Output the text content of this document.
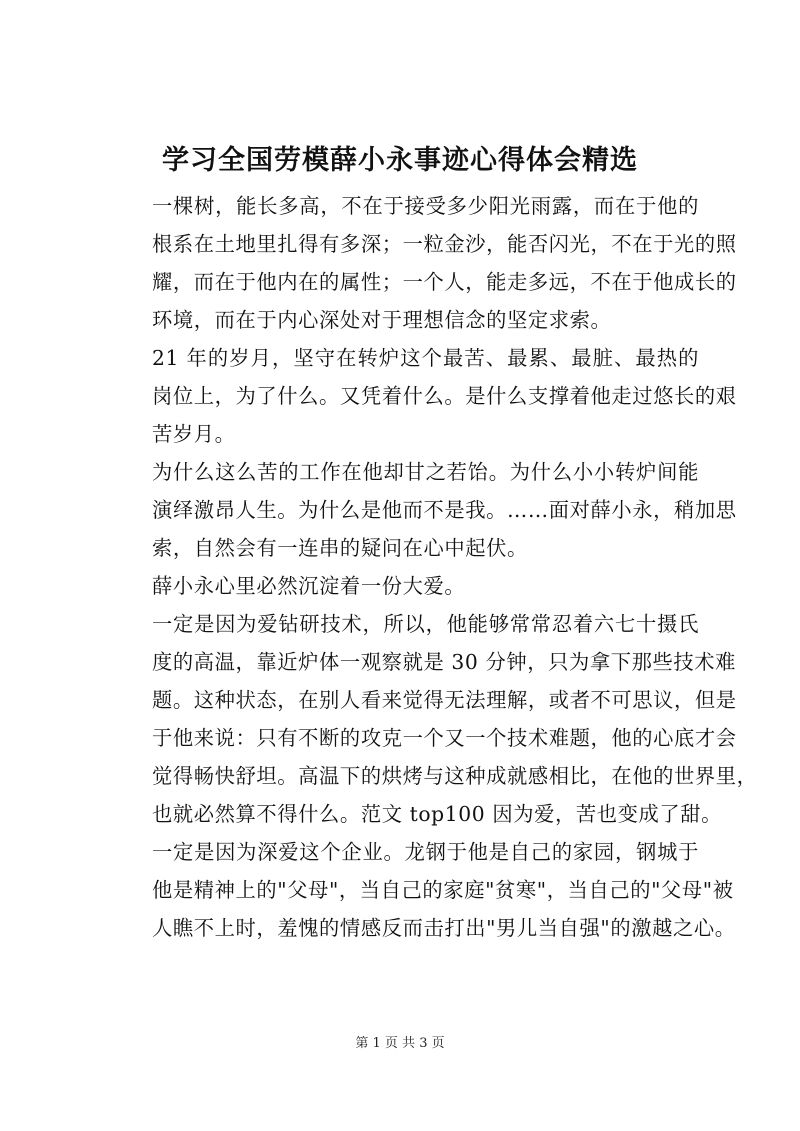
学习全国劳模薛小永事迹心得体会精选

一棵树，能长多高，不在于接受多少阳光雨露，而在于他的
根系在土地里扎得有多深；一粒金沙，能否闪光，不在于光的照
耀，而在于他内在的属性；一个人，能走多远，不在于他成长的
环境，而在于内心深处对于理想信念的坚定求索。

21 年的岁月，坚守在转炉这个最苦、最累、最脏、最热的
岗位上，为了什么。又凭着什么。是什么支撑着他走过悠长的艰
苦岁月。

为什么这么苦的工作在他却甘之若饴。为什么小小转炉间能
演绎激昂人生。为什么是他而不是我。……面对薛小永，稍加思
索，自然会有一连串的疑问在心中起伏。

薛小永心里必然沉淀着一份大爱。

一定是因为爱钻研技术，所以，他能够常常忍着六七十摄氏
度的高温，靠近炉体一观察就是 30 分钟，只为拿下那些技术难
题。这种状态，在别人看来觉得无法理解，或者不可思议，但是
于他来说：只有不断的攻克一个又一个技术难题，他的心底才会
觉得畅快舒坦。高温下的烘烤与这种成就感相比，在他的世界里，
也就必然算不得什么。范文 top100 因为爱，苦也变成了甜。

一定是因为深爱这个企业。龙钢于他是自己的家园，钢城于
他是精神上的"父母"，当自己的家庭"贫寒"，当自己的"父母"被
人瞧不上时，羞愧的情感反而击打出"男儿当自强"的激越之心。

第 1 页 共 3 页
